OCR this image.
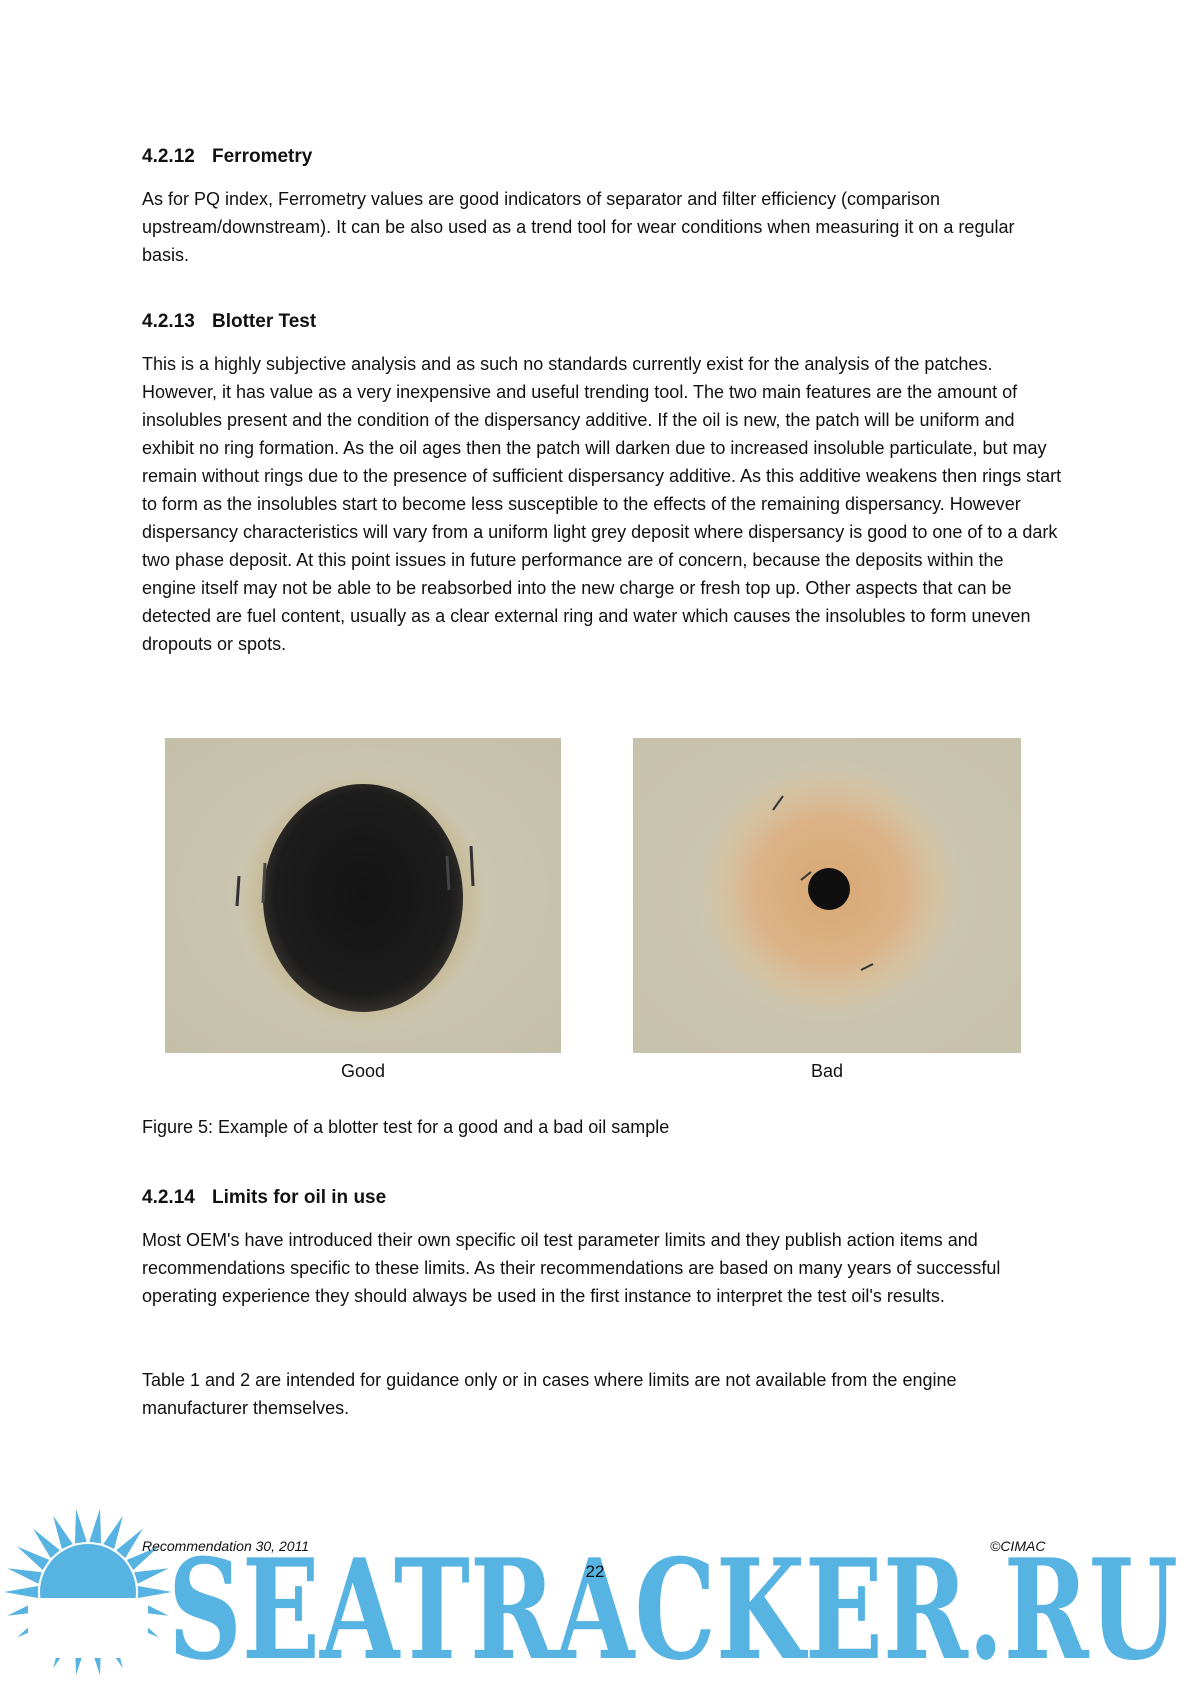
4.2.12 Ferrometry

As for PQ index, Ferrometry values are good indicators of separator and filter efficiency (comparison upstream/downstream). It can be also used as a trend tool for wear conditions when measuring it on a regular basis.

4.2.13 Blotter Test

This is a highly subjective analysis and as such no standards currently exist for the analysis of the patches. However, it has value as a very inexpensive and useful trending tool. The two main features are the amount of insolubles present and the condition of the dispersancy additive. If the oil is new, the patch will be uniform and exhibit no ring formation. As the oil ages then the patch will darken due to increased insoluble particulate, but may remain without rings due to the presence of sufficient dispersancy additive. As this additive weakens then rings start to form as the insolubles start to become less susceptible to the effects of the remaining dispersancy. However dispersancy characteristics will vary from a uniform light grey deposit where dispersancy is good to one of to a dark two phase deposit. At this point issues in future performance are of concern, because the deposits within the engine itself may not be able to be reabsorbed into the new charge or fresh top up. Other aspects that can be detected are fuel content, usually as a clear external ring and water which causes the insolubles to form uneven dropouts or spots.

Good	Bad
Figure 5: Example of a blotter test for a good and a bad oil sample
4.2.14 Limits for oil in use

Most OEM's have introduced their own specific oil test parameter limits and they publish action items and recommendations specific to these limits. As their recommendations are based on many years of successful operating experience they should always be used in the first instance to interpret the test oil's results.

Table 1 and 2 are intended for guidance only or in cases where limits are not available from the engine manufacturer themselves.

SEATRACKER.RU
Recommendation 30, 2011	©CIMAC
22
